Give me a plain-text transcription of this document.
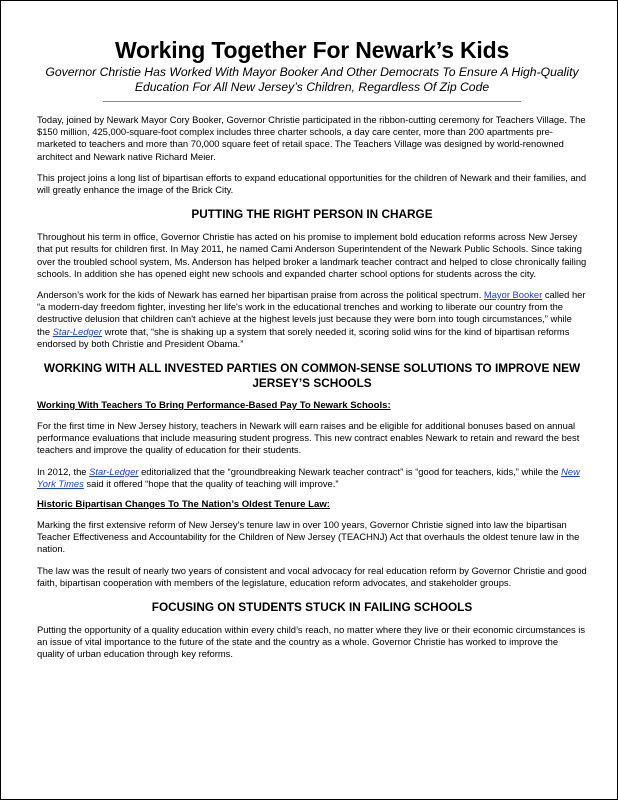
Working Together For Newark’s Kids
Governor Christie Has Worked With Mayor Booker And Other Democrats To Ensure A High-Quality
Education For All New Jersey’s Children, Regardless Of Zip Code

Today, joined by Newark Mayor Cory Booker, Governor Christie participated in the ribbon-cutting ceremony for Teachers Village. The $150 million, 425,000-square-foot complex includes three charter schools, a day care center, more than 200 apartments pre-marketed to teachers and more than 70,000 square feet of retail space. The Teachers Village was designed by world-renowned architect and Newark native Richard Meier.

This project joins a long list of bipartisan efforts to expand educational opportunities for the children of Newark and their families, and will greatly enhance the image of the Brick City.

PUTTING THE RIGHT PERSON IN CHARGE

Throughout his term in office, Governor Christie has acted on his promise to implement bold education reforms across New Jersey that put results for children first. In May 2011, he named Cami Anderson Superintendent of the Newark Public Schools. Since taking over the troubled school system, Ms. Anderson has helped broker a landmark teacher contract and helped to close chronically failing schools. In addition she has opened eight new schools and expanded charter school options for students across the city.

Anderson’s work for the kids of Newark has earned her bipartisan praise from across the political spectrum. Mayor Booker called her “a modern-day freedom fighter, investing her life's work in the educational trenches and working to liberate our country from the destructive delusion that children can't achieve at the highest levels just because they were born into tough circumstances,” while the Star-Ledger wrote that, “she is shaking up a system that sorely needed it, scoring solid wins for the kind of bipartisan reforms endorsed by both Christie and President Obama.”

WORKING WITH ALL INVESTED PARTIES ON COMMON-SENSE SOLUTIONS TO IMPROVE NEW
JERSEY’S SCHOOLS
Working With Teachers To Bring Performance-Based Pay To Newark Schools:

For the first time in New Jersey history, teachers in Newark will earn raises and be eligible for additional bonuses based on annual performance evaluations that include measuring student progress. This new contract enables Newark to retain and reward the best teachers and improve the quality of education for their students.

In 2012, the Star-Ledger editorialized that the “groundbreaking Newark teacher contract” is “good for teachers, kids,” while the New York Times said it offered “hope that the quality of teaching will improve.”

Historic Bipartisan Changes To The Nation’s Oldest Tenure Law:

Marking the first extensive reform of New Jersey’s tenure law in over 100 years, Governor Christie signed into law the bipartisan Teacher Effectiveness and Accountability for the Children of New Jersey (TEACHNJ) Act that overhauls the oldest tenure law in the nation.

The law was the result of nearly two years of consistent and vocal advocacy for real education reform by Governor Christie and good faith, bipartisan cooperation with members of the legislature, education reform advocates, and stakeholder groups.

FOCUSING ON STUDENTS STUCK IN FAILING SCHOOLS

Putting the opportunity of a quality education within every child’s reach, no matter where they live or their economic circumstances is an issue of vital importance to the future of the state and the country as a whole. Governor Christie has worked to improve the quality of urban education through key reforms.
